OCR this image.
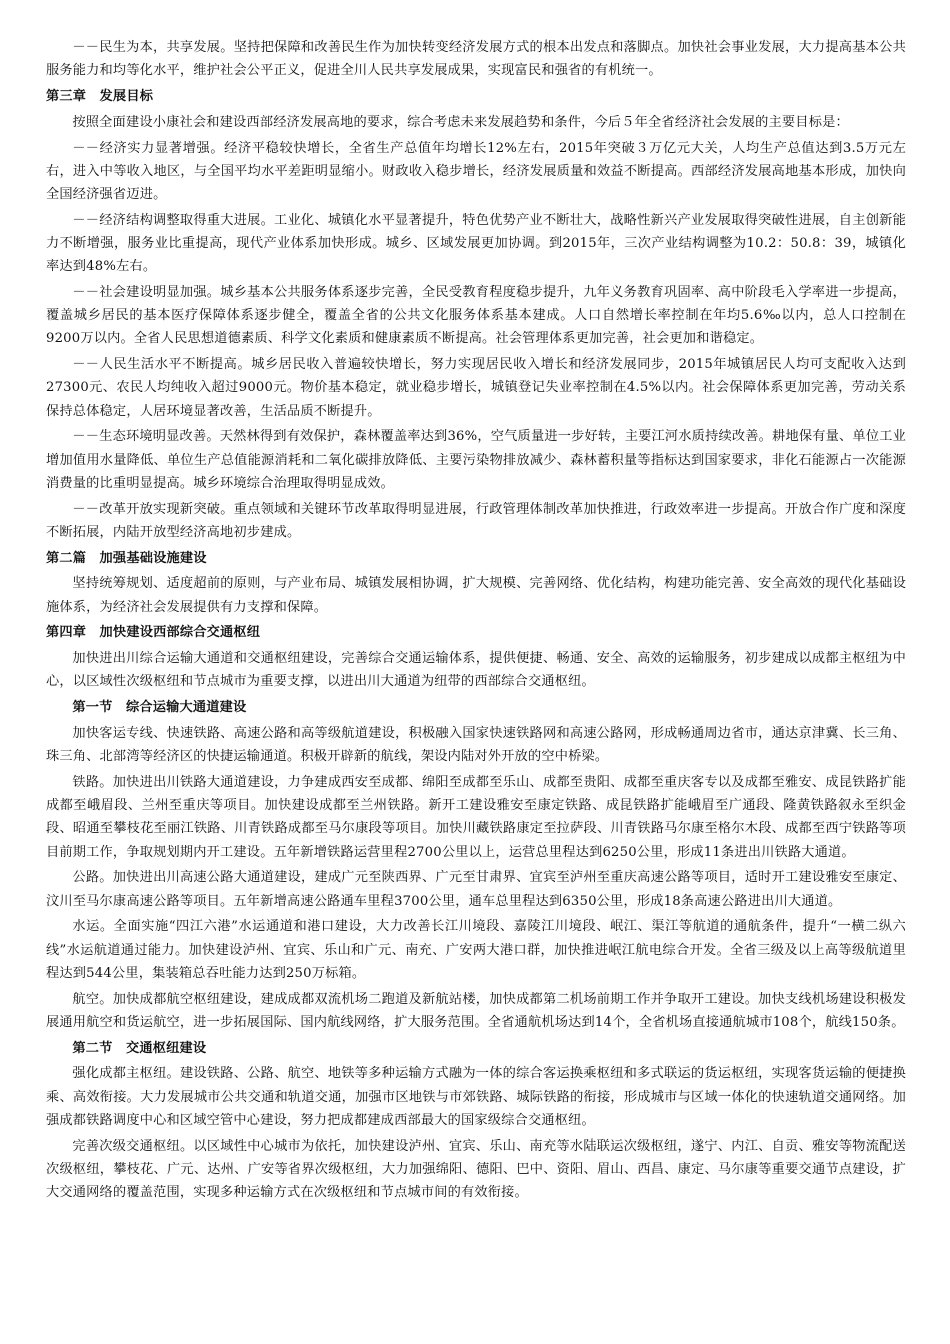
－－民生为本，共享发展。坚持把保障和改善民生作为加快转变经济发展方式的根本出发点和落脚点。加快社会事业发展，大力提高基本公共服务能力和均等化水平，维护社会公平正义，促进全川人民共享发展成果，实现富民和强省的有机统一。

第三章　发展目标

按照全面建设小康社会和建设西部经济发展高地的要求，综合考虑未来发展趋势和条件，今后５年全省经济社会发展的主要目标是：

－－经济实力显著增强。经济平稳较快增长，全省生产总值年均增长12%左右，2015年突破３万亿元大关，人均生产总值达到3.5万元左右，进入中等收入地区，与全国平均水平差距明显缩小。财政收入稳步增长，经济发展质量和效益不断提高。西部经济发展高地基本形成，加快向全国经济强省迈进。

－－经济结构调整取得重大进展。工业化、城镇化水平显著提升，特色优势产业不断壮大，战略性新兴产业发展取得突破性进展，自主创新能力不断增强，服务业比重提高，现代产业体系加快形成。城乡、区域发展更加协调。到2015年，三次产业结构调整为10.2：50.8：39，城镇化率达到48%左右。

－－社会建设明显加强。城乡基本公共服务体系逐步完善，全民受教育程度稳步提升，九年义务教育巩固率、高中阶段毛入学率进一步提高，覆盖城乡居民的基本医疗保障体系逐步健全，覆盖全省的公共文化服务体系基本建成。人口自然增长率控制在年均5.6‰以内，总人口控制在9200万以内。全省人民思想道德素质、科学文化素质和健康素质不断提高。社会管理体系更加完善，社会更加和谐稳定。

－－人民生活水平不断提高。城乡居民收入普遍较快增长，努力实现居民收入增长和经济发展同步，2015年城镇居民人均可支配收入达到27300元、农民人均纯收入超过9000元。物价基本稳定，就业稳步增长，城镇登记失业率控制在4.5%以内。社会保障体系更加完善，劳动关系保持总体稳定，人居环境显著改善，生活品质不断提升。

－－生态环境明显改善。天然林得到有效保护，森林覆盖率达到36%，空气质量进一步好转，主要江河水质持续改善。耕地保有量、单位工业增加值用水量降低、单位生产总值能源消耗和二氧化碳排放降低、主要污染物排放减少、森林蓄积量等指标达到国家要求，非化石能源占一次能源消费量的比重明显提高。城乡环境综合治理取得明显成效。

－－改革开放实现新突破。重点领域和关键环节改革取得明显进展，行政管理体制改革加快推进，行政效率进一步提高。开放合作广度和深度不断拓展，内陆开放型经济高地初步建成。

第二篇　加强基础设施建设

坚持统筹规划、适度超前的原则，与产业布局、城镇发展相协调，扩大规模、完善网络、优化结构，构建功能完善、安全高效的现代化基础设施体系，为经济社会发展提供有力支撑和保障。

第四章　加快建设西部综合交通枢纽

加快进出川综合运输大通道和交通枢纽建设，完善综合交通运输体系，提供便捷、畅通、安全、高效的运输服务，初步建成以成都主枢纽为中心，以区域性次级枢纽和节点城市为重要支撑，以进出川大通道为纽带的西部综合交通枢纽。

第一节　综合运输大通道建设

加快客运专线、快速铁路、高速公路和高等级航道建设，积极融入国家快速铁路网和高速公路网，形成畅通周边省市，通达京津冀、长三角、珠三角、北部湾等经济区的快捷运输通道。积极开辟新的航线，架设内陆对外开放的空中桥梁。

铁路。加快进出川铁路大通道建设，力争建成西安至成都、绵阳至成都至乐山、成都至贵阳、成都至重庆客专以及成都至雅安、成昆铁路扩能成都至峨眉段、兰州至重庆等项目。加快建设成都至兰州铁路。新开工建设雅安至康定铁路、成昆铁路扩能峨眉至广通段、隆黄铁路叙永至织金段、昭通至攀枝花至丽江铁路、川青铁路成都至马尔康段等项目。加快川藏铁路康定至拉萨段、川青铁路马尔康至格尔木段、成都至西宁铁路等项目前期工作，争取规划期内开工建设。五年新增铁路运营里程2700公里以上，运营总里程达到6250公里，形成11条进出川铁路大通道。

公路。加快进出川高速公路大通道建设，建成广元至陕西界、广元至甘肃界、宜宾至泸州至重庆高速公路等项目，适时开工建设雅安至康定、汶川至马尔康高速公路等项目。五年新增高速公路通车里程3700公里，通车总里程达到6350公里，形成18条高速公路进出川大通道。

水运。全面实施“四江六港”水运通道和港口建设，大力改善长江川境段、嘉陵江川境段、岷江、渠江等航道的通航条件，提升“一横二纵六线”水运航道通过能力。加快建设泸州、宜宾、乐山和广元、南充、广安两大港口群，加快推进岷江航电综合开发。全省三级及以上高等级航道里程达到544公里，集装箱总吞吐能力达到250万标箱。

航空。加快成都航空枢纽建设，建成成都双流机场二跑道及新航站楼，加快成都第二机场前期工作并争取开工建设。加快支线机场建设积极发展通用航空和货运航空，进一步拓展国际、国内航线网络，扩大服务范围。全省通航机场达到14个，全省机场直接通航城市108个，航线150条。

第二节　交通枢纽建设

强化成都主枢纽。建设铁路、公路、航空、地铁等多种运输方式融为一体的综合客运换乘枢纽和多式联运的货运枢纽，实现客货运输的便捷换乘、高效衔接。大力发展城市公共交通和轨道交通，加强市区地铁与市郊铁路、城际铁路的衔接，形成城市与区域一体化的快速轨道交通网络。加强成都铁路调度中心和区域空管中心建设，努力把成都建成西部最大的国家级综合交通枢纽。

完善次级交通枢纽。以区域性中心城市为依托，加快建设泸州、宜宾、乐山、南充等水陆联运次级枢纽，遂宁、内江、自贡、雅安等物流配送次级枢纽，攀枝花、广元、达州、广安等省界次级枢纽，大力加强绵阳、德阳、巴中、资阳、眉山、西昌、康定、马尔康等重要交通节点建设，扩大交通网络的覆盖范围，实现多种运输方式在次级枢纽和节点城市间的有效衔接。
